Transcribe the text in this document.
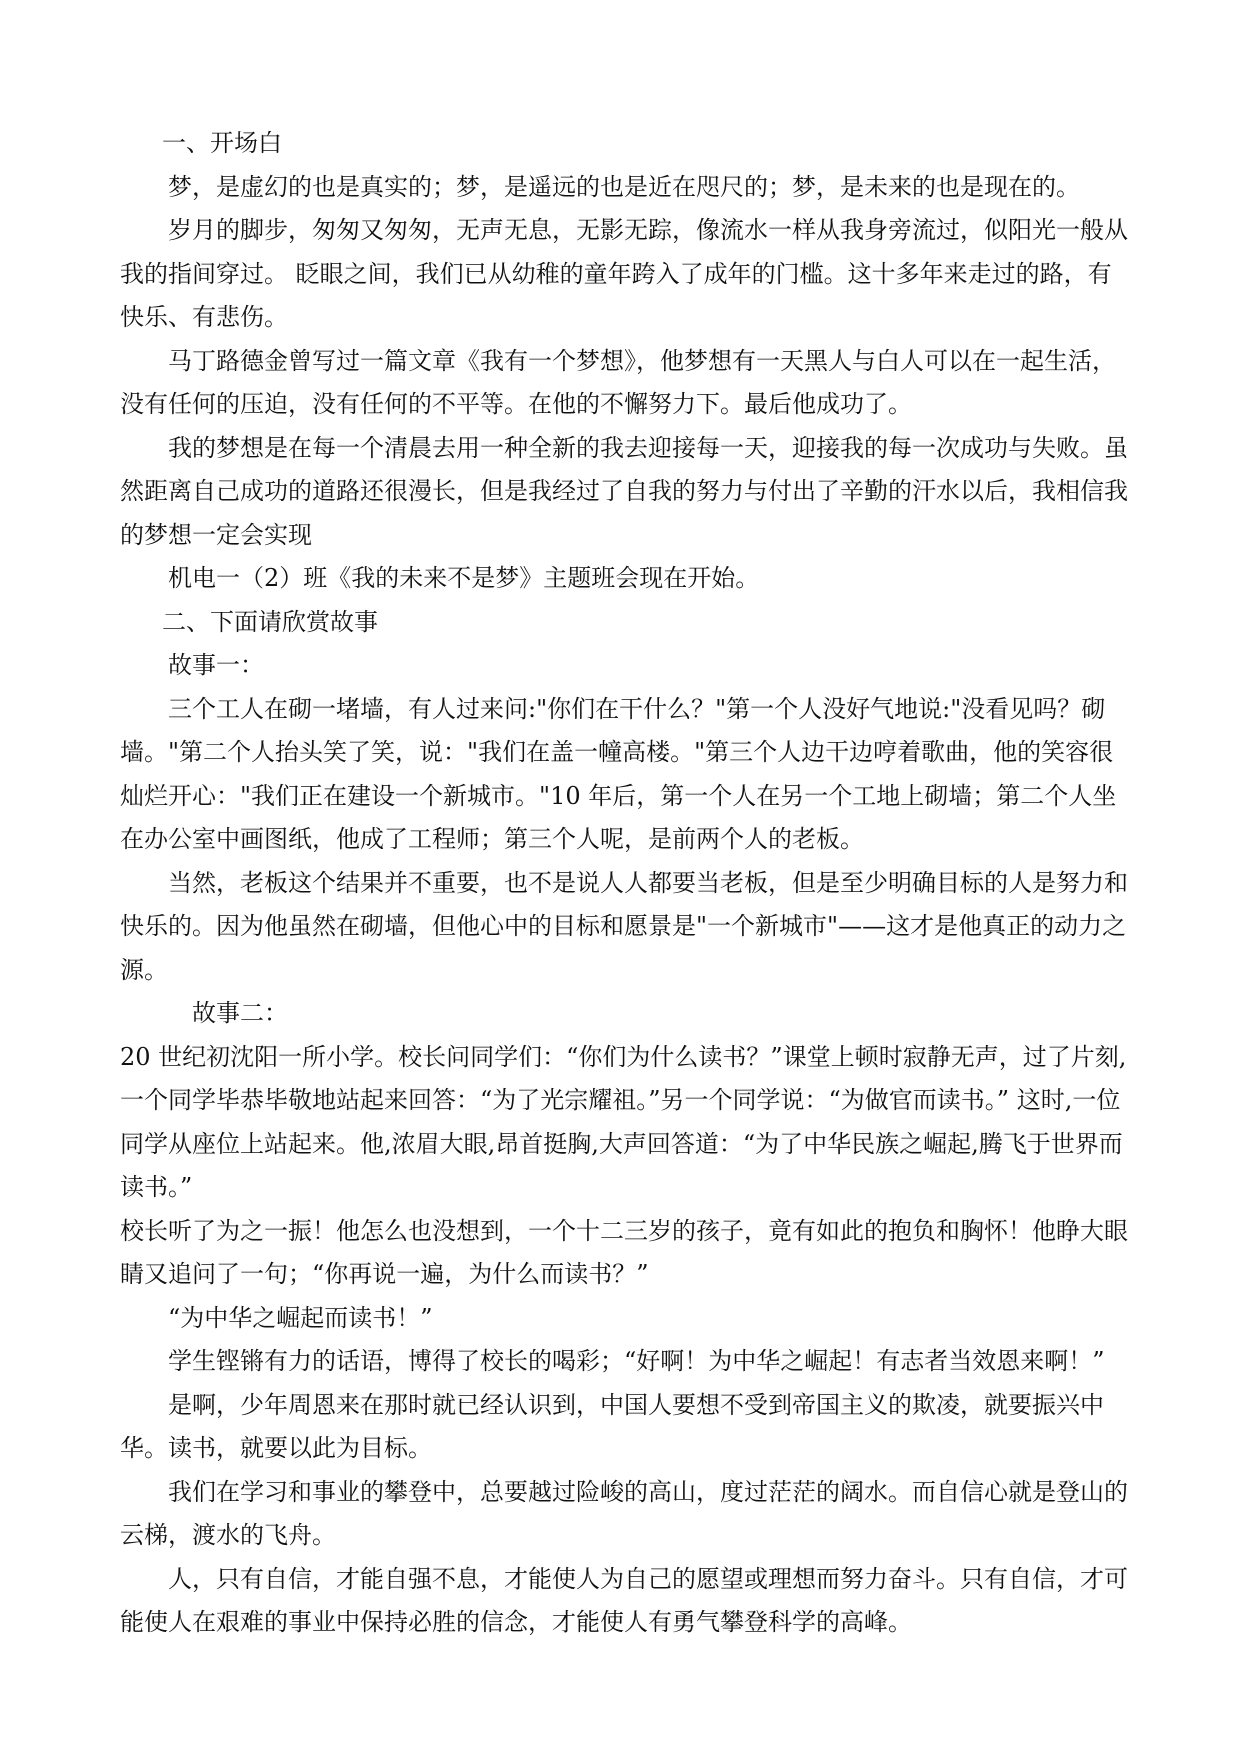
一、开场白

梦，是虚幻的也是真实的；梦，是遥远的也是近在咫尺的；梦，是未来的也是现在的。

岁月的脚步，匆匆又匆匆，无声无息，无影无踪，像流水一样从我身旁流过，似阳光一般从我的指间穿过。 眨眼之间，我们已从幼稚的童年跨入了成年的门槛。这十多年来走过的路，有快乐、有悲伤。

马丁路德金曾写过一篇文章《我有一个梦想》，他梦想有一天黑人与白人可以在一起生活，没有任何的压迫，没有任何的不平等。在他的不懈努力下。最后他成功了。

我的梦想是在每一个清晨去用一种全新的我去迎接每一天，迎接我的每一次成功与失败。虽然距离自己成功的道路还很漫长，但是我经过了自我的努力与付出了辛勤的汗水以后，我相信我的梦想一定会实现

机电一（2）班《我的未来不是梦》主题班会现在开始。

二、下面请欣赏故事

故事一：

三个工人在砌一堵墙，有人过来问:"你们在干什么？"第一个人没好气地说:"没看见吗？砌墙。"第二个人抬头笑了笑，说："我们在盖一幢高楼。"第三个人边干边哼着歌曲，他的笑容很灿烂开心："我们正在建设一个新城市。"10 年后，第一个人在另一个工地上砌墙；第二个人坐在办公室中画图纸，他成了工程师；第三个人呢，是前两个人的老板。

当然，老板这个结果并不重要，也不是说人人都要当老板，但是至少明确目标的人是努力和快乐的。因为他虽然在砌墙，但他心中的目标和愿景是"一个新城市"——这才是他真正的动力之源。

故事二：

20 世纪初沈阳一所小学。校长问同学们：“你们为什么读书？”课堂上顿时寂静无声，过了片刻,一个同学毕恭毕敬地站起来回答：“为了光宗耀祖。”另一个同学说：“为做官而读书。” 这时,一位同学从座位上站起来。他,浓眉大眼,昂首挺胸,大声回答道：“为了中华民族之崛起,腾飞于世界而读书。”

校长听了为之一振！他怎么也没想到，一个十二三岁的孩子，竟有如此的抱负和胸怀！他睁大眼睛又追问了一句；“你再说一遍，为什么而读书？”

“为中华之崛起而读书！”

学生铿锵有力的话语，博得了校长的喝彩；“好啊！为中华之崛起！有志者当效恩来啊！”

是啊，少年周恩来在那时就已经认识到，中国人要想不受到帝国主义的欺凌，就要振兴中华。读书，就要以此为目标。

我们在学习和事业的攀登中，总要越过险峻的高山，度过茫茫的阔水。而自信心就是登山的云梯，渡水的飞舟。

人，只有自信，才能自强不息，才能使人为自己的愿望或理想而努力奋斗。只有自信，才可能使人在艰难的事业中保持必胜的信念，才能使人有勇气攀登科学的高峰。
